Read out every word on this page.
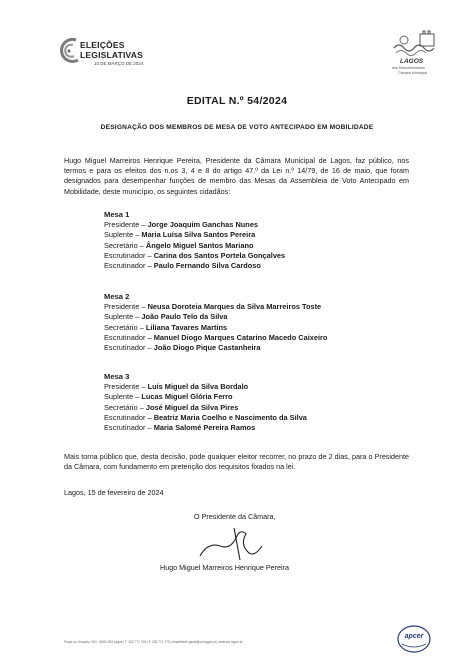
ELEIÇÕES
LEGISLATIVAS
10 DE MARÇO DE 2024	LAGOS
dos Descobrimentos
Câmara Municipal
EDITAL N.º 54/2024
DESIGNAÇÃO DOS MEMBROS DE MESA DE VOTO ANTECIPADO EM MOBILIDADE
Hugo Miguel Marreiros Henrique Pereira, Presidente da Câmara Municipal de Lagos, faz público, nos termos e para os efeitos dos n.os 3, 4 e 8 do artigo 47.º da Lei n.º 14/79, de 16 de maio, que foram designados para desempenhar funções de membro das Mesas da Assembleia de Voto Antecipado em Mobilidade, deste município, os seguintes cidadãos:
Mesa 1
Presidente – Jorge Joaquim Ganchas Nunes
Suplente – Maria Luísa Silva Santos Pereira
Secretário – Ângelo Miguel Santos Mariano
Escrutinador – Carina dos Santos Portela Gonçalves
Escrutinador – Paulo Fernando Silva Cardoso
Mesa 2
Presidente – Neusa Doroteia Marques da Silva Marreiros Toste
Suplente – João Paulo Telo da Silva
Secretário – Liliana Tavares Martins
Escrutinador – Manuel Diogo Marques Catarino Macedo Caixeiro
Escrutinador – João Diogo Pique Castanheira
Mesa 3
Presidente – Luís Miguel da Silva Bordalo
Suplente – Lucas Miguel Glória Ferro
Secretário – José Miguel da Silva Pires
Escrutinador – Beatriz Maria Coelho e Nascimento da Silva
Escrutinador – Maria Salomé Pereira Ramos
Mais torna público que, desta decisão, pode qualquer eleitor recorrer, no prazo de 2 dias, para o Presidente da Câmara, com fundamento em preterição dos requisitos fixados na lei.
Lagos, 15 de fevereiro de 2024
O Presidente da Câmara,
Hugo Miguel Marreiros Henrique Pereira
Praça do Gonçalo, S/N · 8600-293 Lagos | T. 282 771 700 | F. 282 771 775 | expediente.geral@cm-lagos.pt | www.cm-lagos.pt
apcer
